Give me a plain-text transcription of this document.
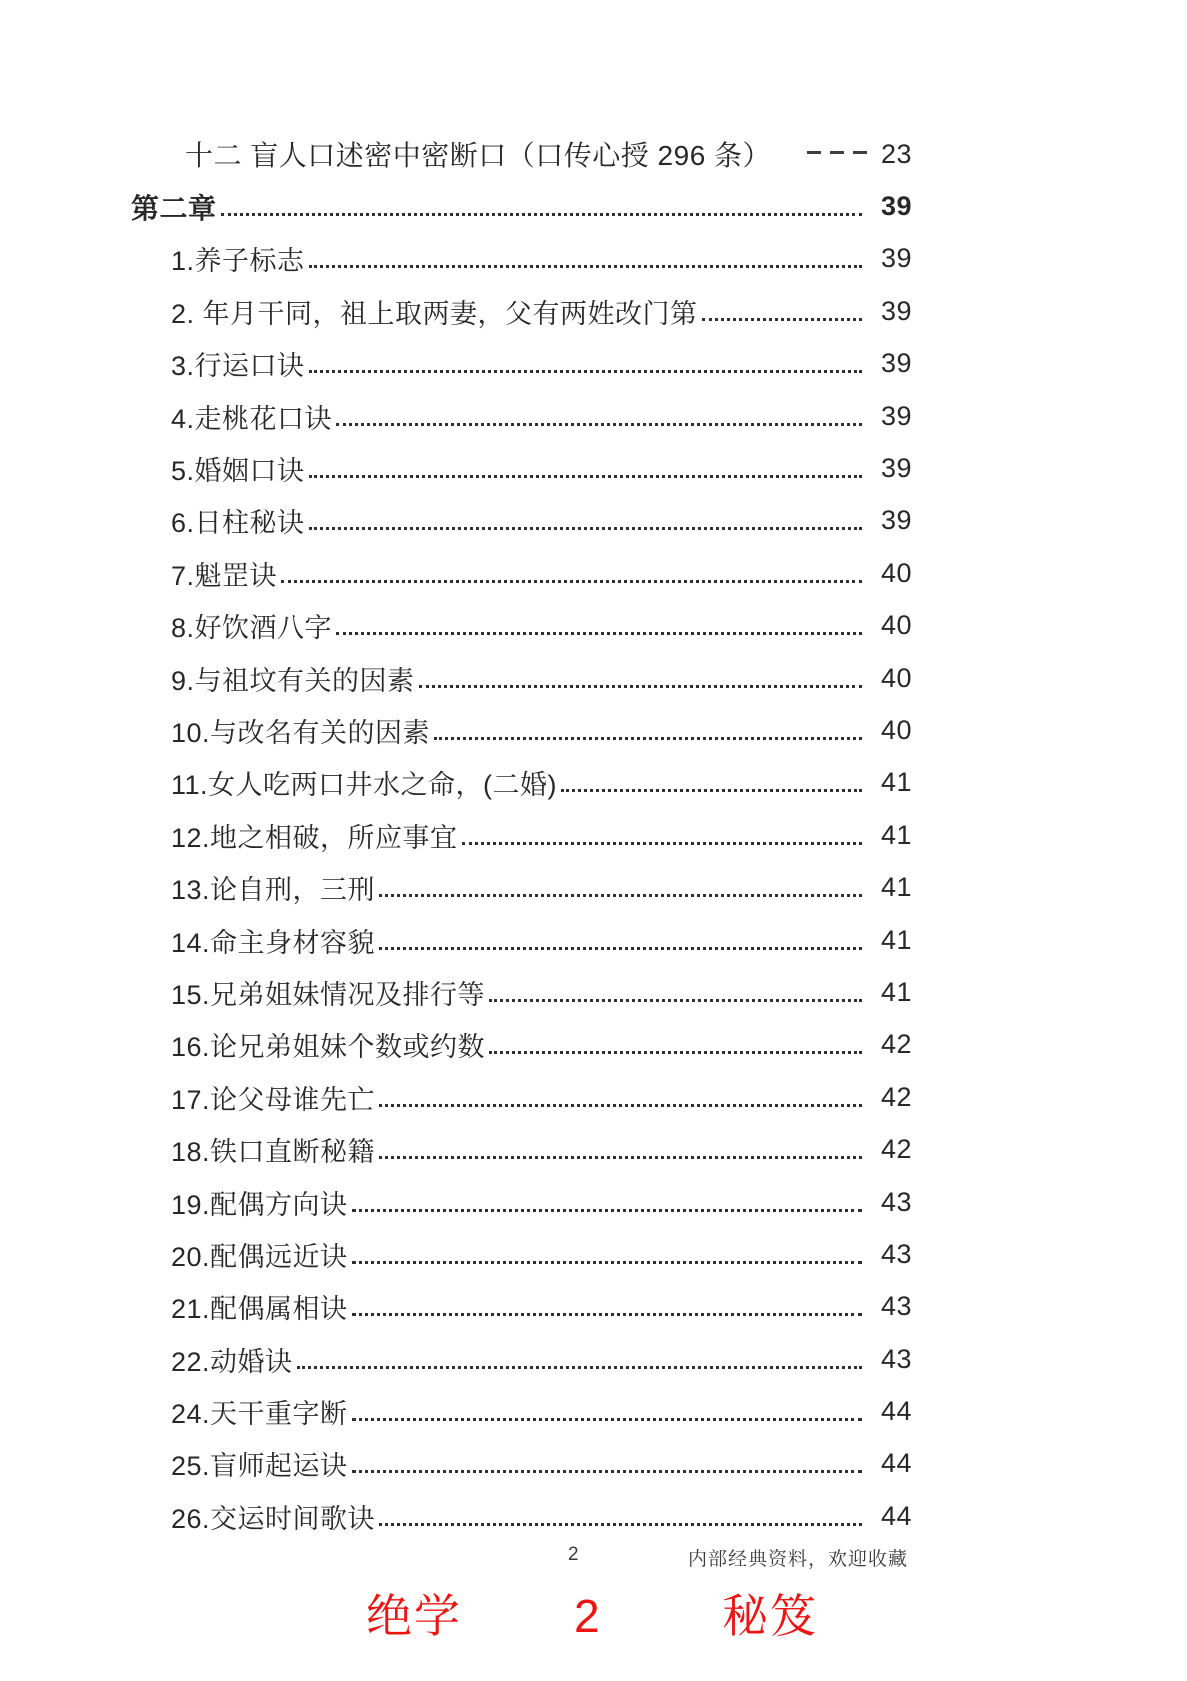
十二 盲人口述密中密断口（口传心授 296 条）	23
第二章	39
1.养子标志	39
2. 年月干同，祖上取两妻，父有两姓改门第	39
3.行运口诀	39
4.走桃花口诀	39
5.婚姻口诀	39
6.日柱秘诀	39
7.魁罡诀	40
8.好饮酒八字	40
9.与祖坟有关的因素	40
10.与改名有关的因素	40
11.女人吃两口井水之命，(二婚)	41
12.地之相破，所应事宜	41
13.论自刑，三刑	41
14.命主身材容貌	41
15.兄弟姐妹情况及排行等	41
16.论兄弟姐妹个数或约数	42
17.论父母谁先亡	42
18.铁口直断秘籍	42
19.配偶方向诀	43
20.配偶远近诀	43
21.配偶属相诀	43
22.动婚诀	43
24.天干重字断	44
25.盲师起运诀	44
26.交运时间歌诀	44
2	内部经典资料，欢迎收藏
绝学 2	秘笈
